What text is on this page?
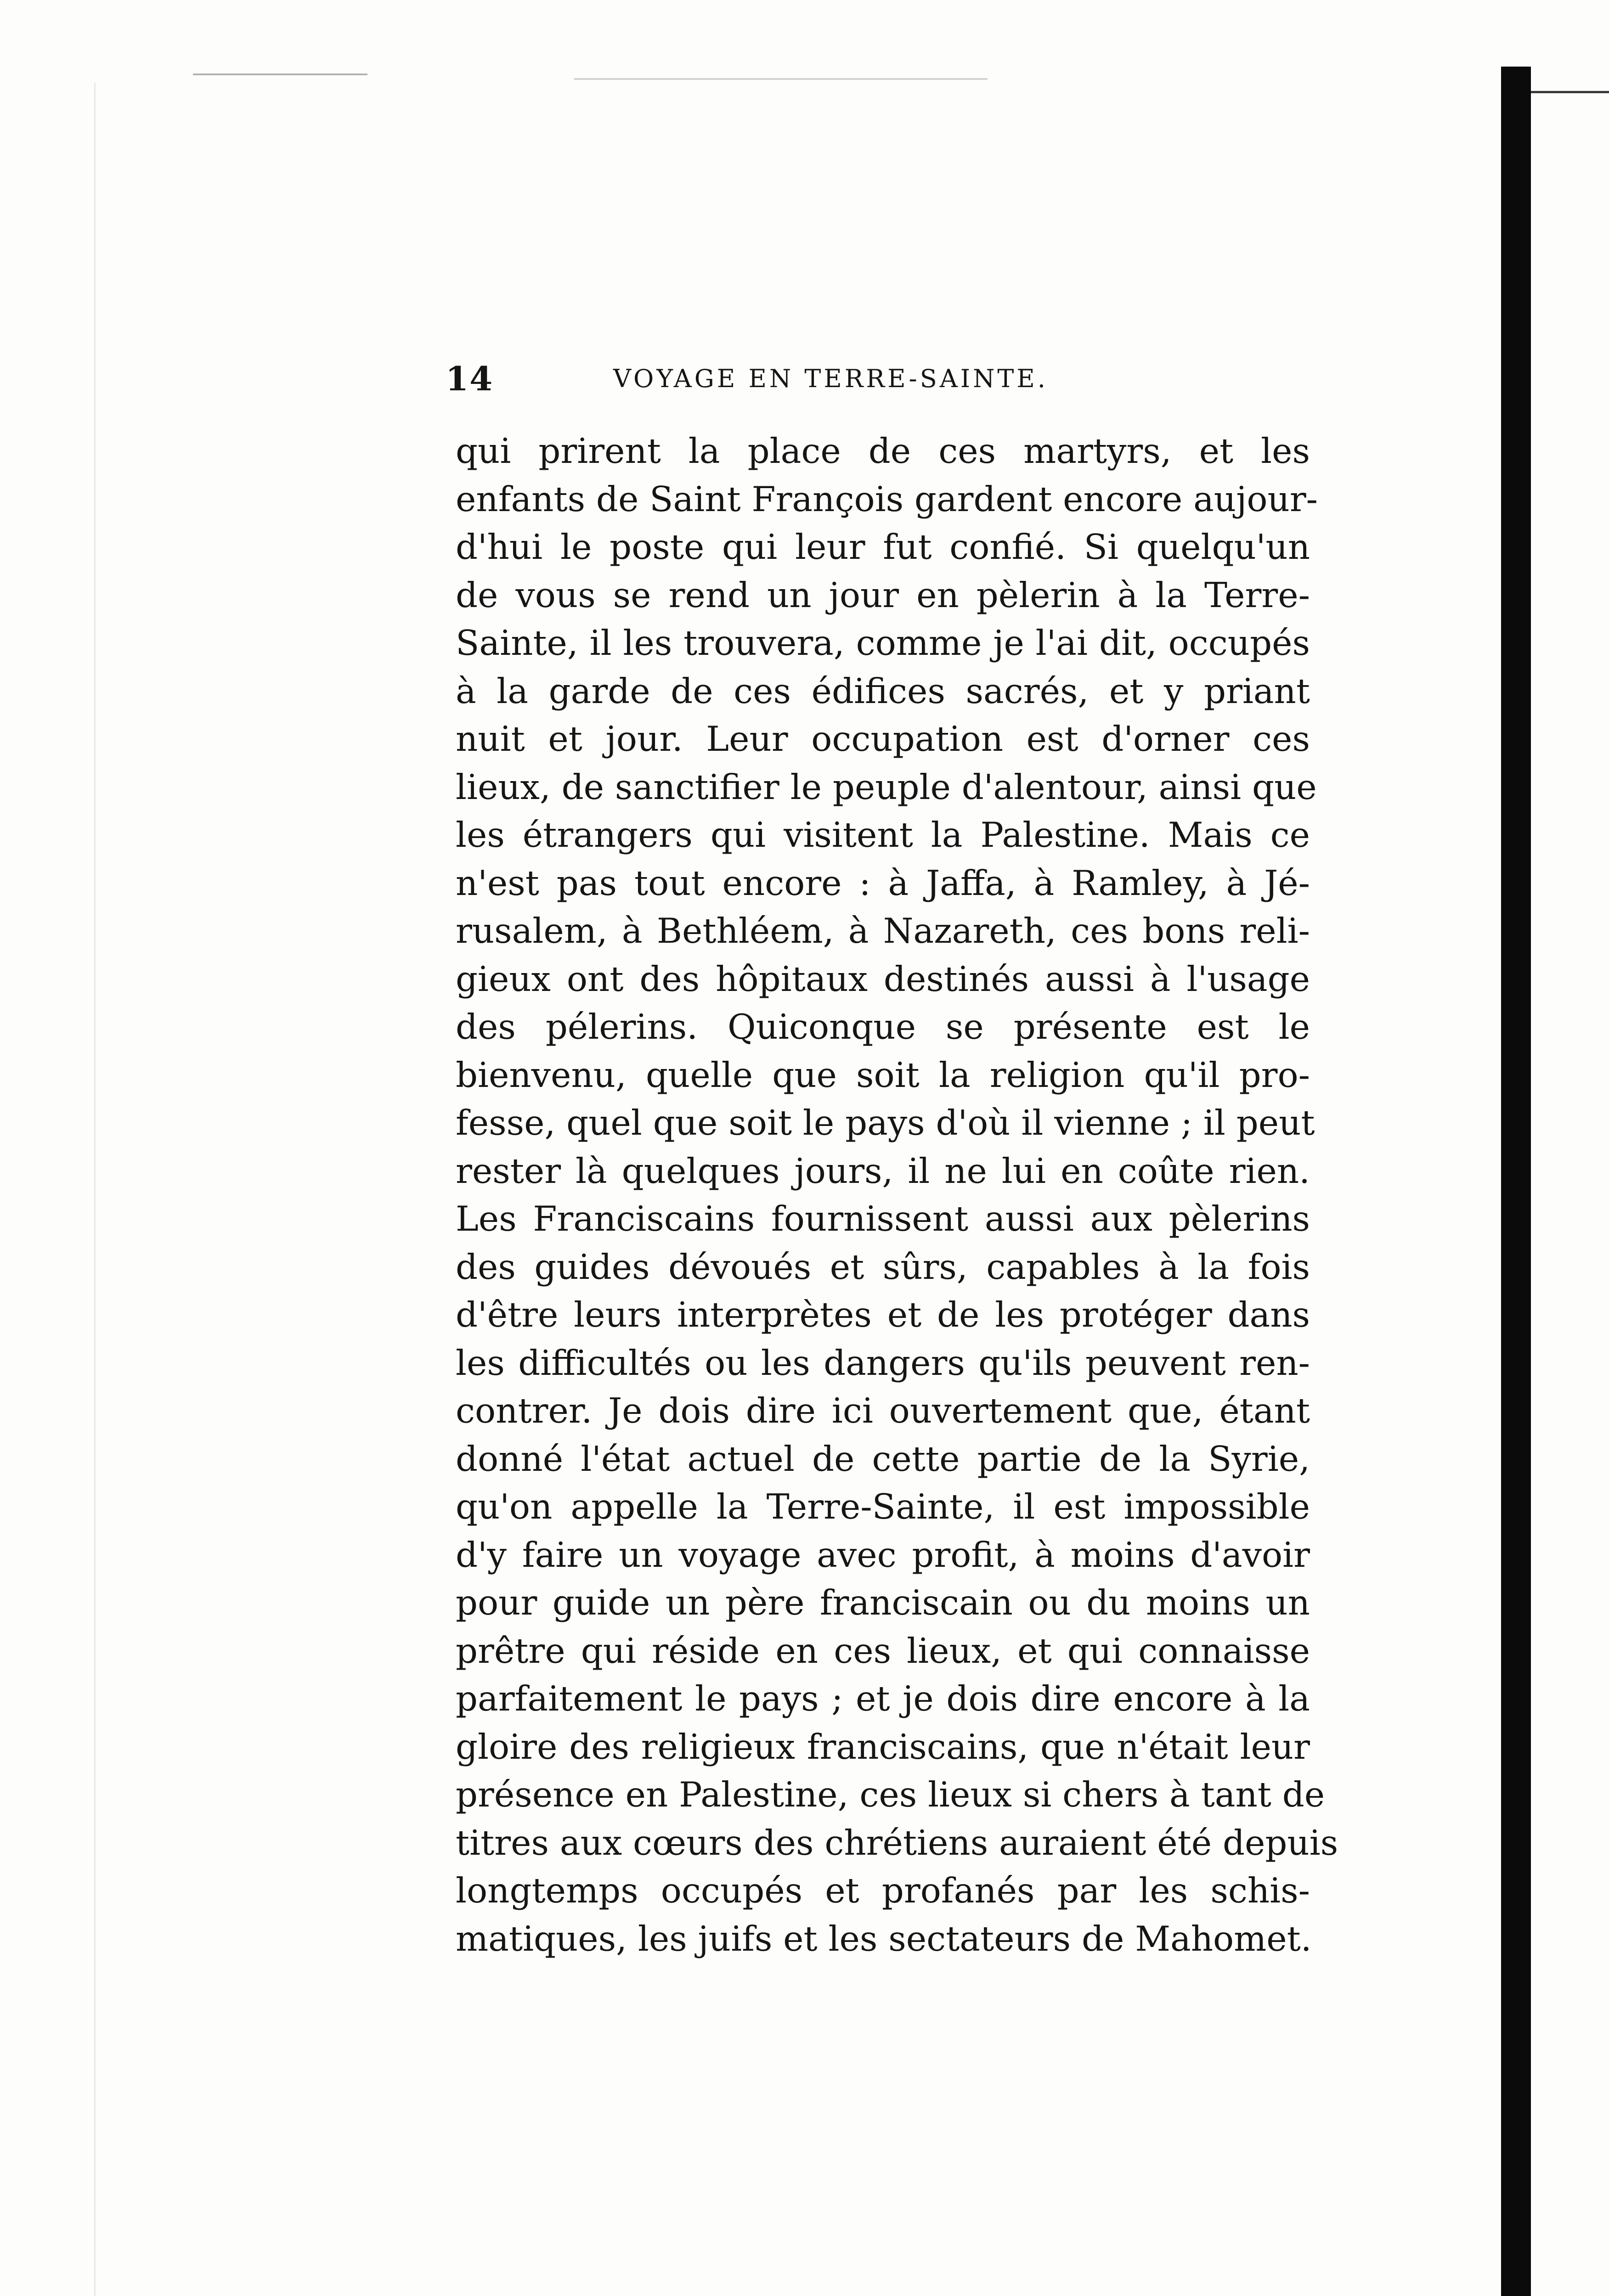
14	VOYAGE EN TERRE-SAINTE.
qui prirent la place de ces martyrs, et les
enfants de Saint François gardent encore aujour-
d'hui le poste qui leur fut confié. Si quelqu'un
de vous se rend un jour en pèlerin à la Terre-
Sainte, il les trouvera, comme je l'ai dit, occupés
à la garde de ces édifices sacrés, et y priant
nuit et jour. Leur occupation est d'orner ces
lieux, de sanctifier le peuple d'alentour, ainsi que
les étrangers qui visitent la Palestine. Mais ce
n'est pas tout encore : à Jaffa, à Ramley, à Jé-
rusalem, à Bethléem, à Nazareth, ces bons reli-
gieux ont des hôpitaux destinés aussi à l'usage
des pélerins. Quiconque se présente est le
bienvenu, quelle que soit la religion qu'il pro-
fesse, quel que soit le pays d'où il vienne ; il peut
rester là quelques jours, il ne lui en coûte rien.
Les Franciscains fournissent aussi aux pèlerins
des guides dévoués et sûrs, capables à la fois
d'être leurs interprètes et de les protéger dans
les difficultés ou les dangers qu'ils peuvent ren-
contrer. Je dois dire ici ouvertement que, étant
donné l'état actuel de cette partie de la Syrie,
qu'on appelle la Terre-Sainte, il est impossible
d'y faire un voyage avec profit, à moins d'avoir
pour guide un père franciscain ou du moins un
prêtre qui réside en ces lieux, et qui connaisse
parfaitement le pays ; et je dois dire encore à la
gloire des religieux franciscains, que n'était leur
présence en Palestine, ces lieux si chers à tant de
titres aux cœurs des chrétiens auraient été depuis
longtemps occupés et profanés par les schis-
matiques, les juifs et les sectateurs de Mahomet.
